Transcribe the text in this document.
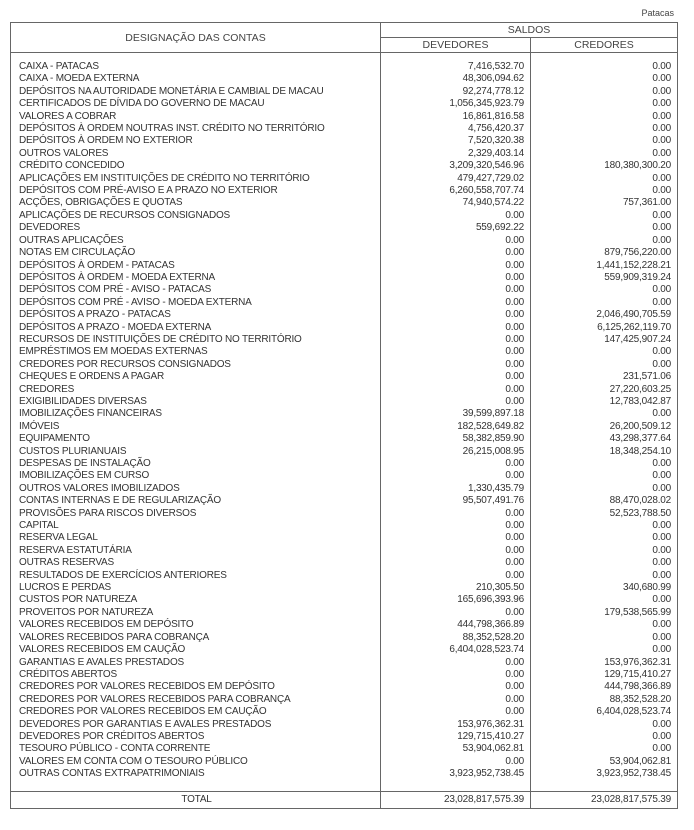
Patacas
DESIGNAÇÃO DAS CONTAS	SALDOS	
	DEVEDORES	CREDORES

CAIXA - PATACAS	7,416,532.70	0.00
CAIXA - MOEDA EXTERNA	48,306,094.62	0.00
DEPÓSITOS NA AUTORIDADE MONETÁRIA E CAMBIAL DE MACAU	92,274,778.12	0.00
CERTIFICADOS DE DÍVIDA DO GOVERNO DE MACAU	1,056,345,923.79	0.00
VALORES A COBRAR	16,861,816.58	0.00
DEPÓSITOS À ORDEM NOUTRAS INST. CRÉDITO NO TERRITÓRIO	4,756,420.37	0.00
DEPÓSITOS À ORDEM NO EXTERIOR	7,520,320.38	0.00
OUTROS VALORES	2,329,403.14	0.00
CRÉDITO CONCEDIDO	3,209,320,546.96	180,380,300.20
APLICAÇÕES EM INSTITUIÇÕES DE CRÉDITO NO TERRITÓRIO	479,427,729.02	0.00
DEPÓSITOS COM PRÉ-AVISO E A PRAZO NO EXTERIOR	6,260,558,707.74	0.00
ACÇÕES, OBRIGAÇÕES E QUOTAS	74,940,574.22	757,361.00
APLICAÇÕES DE RECURSOS CONSIGNADOS	0.00	0.00
DEVEDORES	559,692.22	0.00
OUTRAS APLICAÇÕES	0.00	0.00
NOTAS EM CIRCULAÇÃO	0.00	879,756,220.00
DEPÓSITOS À ORDEM - PATACAS	0.00	1,441,152,228.21
DEPÓSITOS À ORDEM - MOEDA EXTERNA	0.00	559,909,319.24
DEPÓSITOS COM PRÉ - AVISO - PATACAS	0.00	0.00
DEPÓSITOS COM PRÉ - AVISO - MOEDA EXTERNA	0.00	0.00
DEPÓSITOS A PRAZO - PATACAS	0.00	2,046,490,705.59
DEPÓSITOS A PRAZO - MOEDA EXTERNA	0.00	6,125,262,119.70
RECURSOS DE INSTITUIÇÕES DE CRÉDITO NO TERRITÓRIO	0.00	147,425,907.24
EMPRÉSTIMOS EM MOEDAS EXTERNAS	0.00	0.00
CREDORES POR RECURSOS CONSIGNADOS	0.00	0.00
CHEQUES E ORDENS A PAGAR	0.00	231,571.06
CREDORES	0.00	27,220,603.25
EXIGIBILIDADES DIVERSAS	0.00	12,783,042.87
IMOBILIZAÇÕES FINANCEIRAS	39,599,897.18	0.00
IMÓVEIS	182,528,649.82	26,200,509.12
EQUIPAMENTO	58,382,859.90	43,298,377.64
CUSTOS PLURIANUAIS	26,215,008.95	18,348,254.10
DESPESAS DE INSTALAÇÃO	0.00	0.00
IMOBILIZAÇÕES EM CURSO	0.00	0.00
OUTROS VALORES IMOBILIZADOS	1,330,435.79	0.00
CONTAS INTERNAS E DE REGULARIZAÇÃO	95,507,491.76	88,470,028.02
PROVISÕES PARA RISCOS DIVERSOS	0.00	52,523,788.50
CAPITAL	0.00	0.00
RESERVA LEGAL	0.00	0.00
RESERVA ESTATUTÁRIA	0.00	0.00
OUTRAS RESERVAS	0.00	0.00
RESULTADOS DE EXERCÍCIOS ANTERIORES	0.00	0.00
LUCROS E PERDAS	210,305.50	340,680.99
CUSTOS POR NATUREZA	165,696,393.96	0.00
PROVEITOS POR NATUREZA	0.00	179,538,565.99
VALORES RECEBIDOS EM DEPÓSITO	444,798,366.89	0.00
VALORES RECEBIDOS PARA COBRANÇA	88,352,528.20	0.00
VALORES RECEBIDOS EM CAUÇÃO	6,404,028,523.74	0.00
GARANTIAS E AVALES PRESTADOS	0.00	153,976,362.31
CRÉDITOS ABERTOS	0.00	129,715,410.27
CREDORES POR VALORES RECEBIDOS EM DEPÓSITO	0.00	444,798,366.89
CREDORES POR VALORES RECEBIDOS PARA COBRANÇA	0.00	88,352,528.20
CREDORES POR VALORES RECEBIDOS EM CAUÇÃO	0.00	6,404,028,523.74
DEVEDORES POR GARANTIAS E AVALES PRESTADOS	153,976,362.31	0.00
DEVEDORES POR CRÉDITOS ABERTOS	129,715,410.27	0.00
TESOURO PÚBLICO - CONTA CORRENTE	53,904,062.81	0.00
VALORES EM CONTA COM O TESOURO PÚBLICO	0.00	53,904,062.81
OUTRAS CONTAS EXTRAPATRIMONIAIS	3,923,952,738.45	3,923,952,738.45

TOTAL	23,028,817,575.39	23,028,817,575.39
